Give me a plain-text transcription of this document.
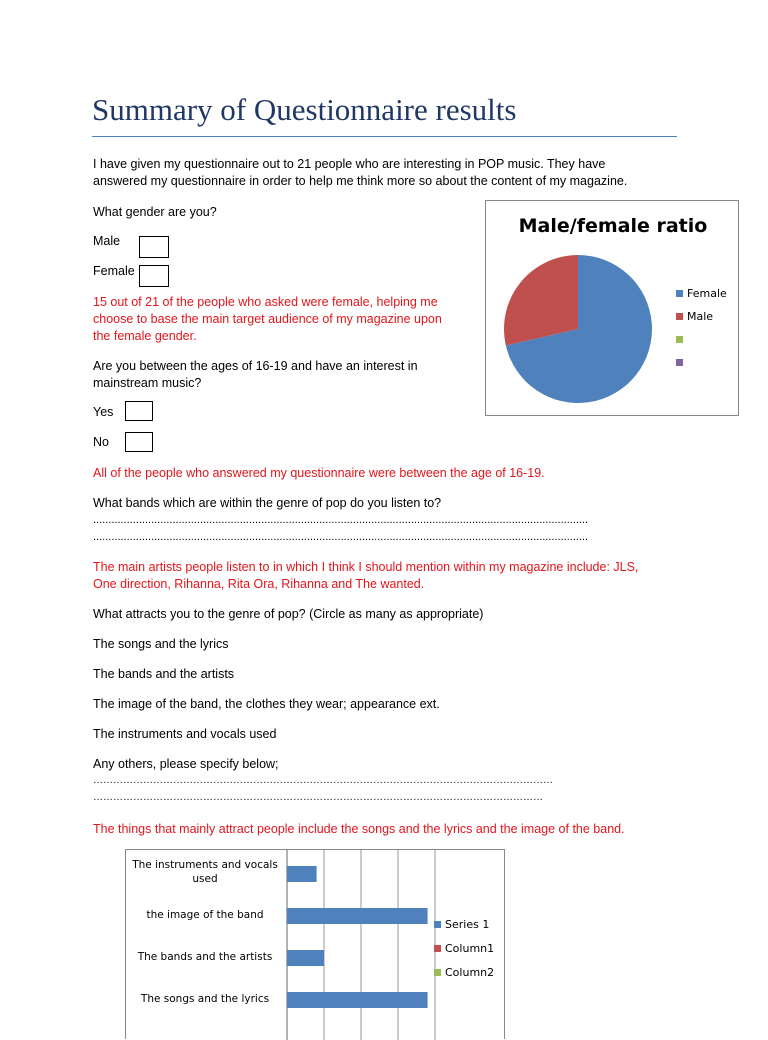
Summary of Questionnaire results
I have given my questionnaire out to 21 people who are interesting in POP music. They have
answered my questionnaire in order to help me think more so about the content of my magazine.
What gender are you?
Male
Female
15 out of 21 of the people who asked were female, helping me
choose to base the main target audience of my magazine upon
the female gender.
Are you between the ages of 16-19 and have an interest in
mainstream music?
Yes
No
All of the people who answered my questionnaire were between the age of 16-19.
What bands which are within the genre of pop do you listen to?
..................................................................................................................................................................
..................................................................................................................................................................
The main artists people listen to in which I think I should mention within my magazine include: JLS,
One direction, Rihanna, Rita Ora, Rihanna and The wanted.
What attracts you to the genre of pop? (Circle as many as appropriate)
The songs and the lyrics
The bands and the artists
The image of the band, the clothes they wear; appearance ext.
The instruments and vocals used
Any others, please specify below;
…………………………………………………………………………………………………………………………
………………………………………………………………………………………………………………………
The things that mainly attract people include the songs and the lyrics and the image of the band.
Male/female ratio
Female
Male
The instruments and vocals used
the image of the band
The bands and the artists
The songs and the lyrics
Series 1
Column1
Column2
